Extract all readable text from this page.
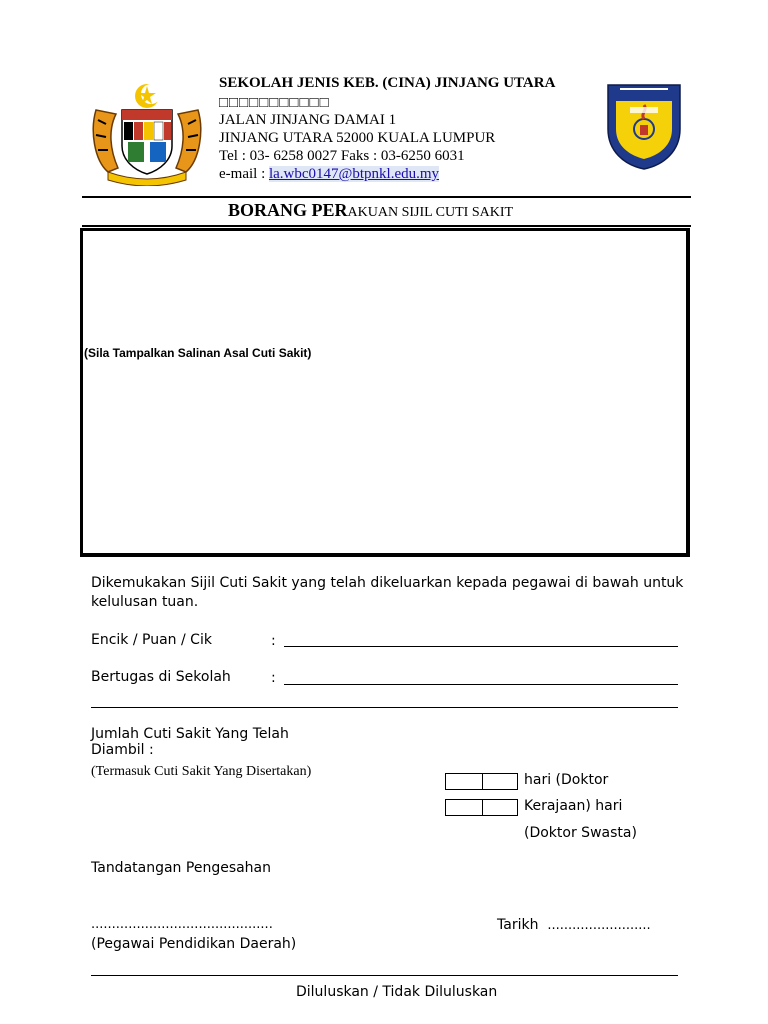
SEKOLAH JENIS KEB. (CINA) JINJANG UTARA
□□□□□□□□□□□
JALAN JINJANG DAMAI 1
JINJANG UTARA 52000 KUALA LUMPUR
Tel : 03- 6258 0027 Faks : 03-6250 6031
e-mail : la.wbc0147@btpnkl.edu.my
BORANG PERAKUAN SIJIL CUTI SAKIT
(Sila Tampalkan Salinan Asal Cuti Sakit)
Dikemukakan Sijil Cuti Sakit yang telah dikeluarkan kepada pegawai di bawah untuk kelulusan tuan.
Encik / Puan / Cik	:
Bertugas di Sekolah	:
Jumlah Cuti Sakit Yang Telah
Diambil :
(Termasuk Cuti Sakit Yang Disertakan)
hari (Doktor
Kerajaan) hari
(Doktor Swasta)
Tandatangan Pengesahan
............................................
(Pegawai Pendidikan Daerah)
Tarikh .........................
Diluluskan / Tidak Diluluskan
